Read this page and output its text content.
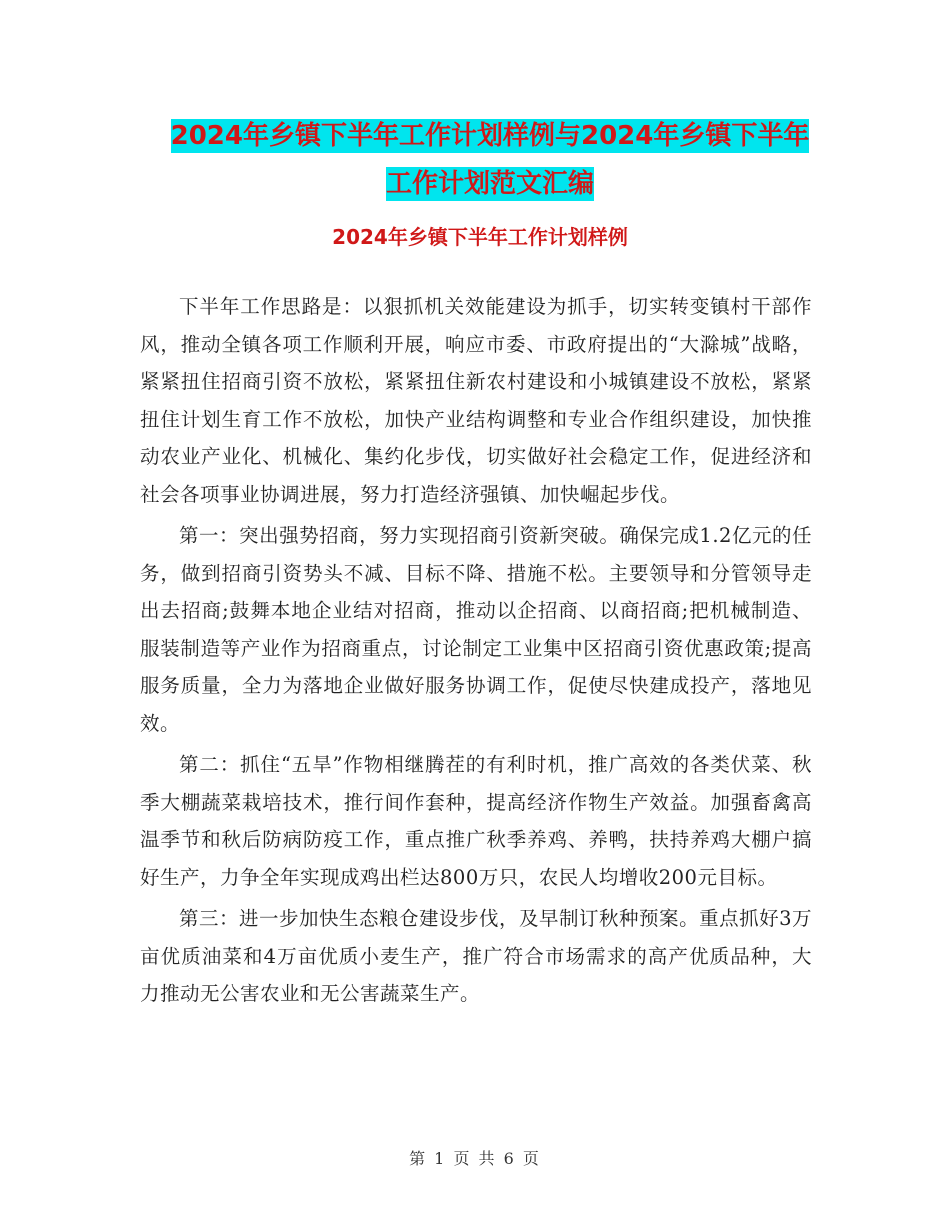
2024年乡镇下半年工作计划样例与2024年乡镇下半年
工作计划范文汇编
2024年乡镇下半年工作计划样例

下半年工作思路是：以狠抓机关效能建设为抓手，切实转变镇村干部作风，推动全镇各项工作顺利开展，响应市委、市政府提出的“大滁城”战略，紧紧扭住招商引资不放松，紧紧扭住新农村建设和小城镇建设不放松，紧紧扭住计划生育工作不放松，加快产业结构调整和专业合作组织建设，加快推动农业产业化、机械化、集约化步伐，切实做好社会稳定工作，促进经济和社会各项事业协调进展，努力打造经济强镇、加快崛起步伐。

第一：突出强势招商，努力实现招商引资新突破。确保完成1.2亿元的任务，做到招商引资势头不减、目标不降、措施不松。主要领导和分管领导走出去招商;鼓舞本地企业结对招商，推动以企招商、以商招商;把机械制造、服装制造等产业作为招商重点，讨论制定工业集中区招商引资优惠政策;提高服务质量，全力为落地企业做好服务协调工作，促使尽快建成投产，落地见效。

第二：抓住“五旱”作物相继腾茬的有利时机，推广高效的各类伏菜、秋季大棚蔬菜栽培技术，推行间作套种，提高经济作物生产效益。加强畜禽高温季节和秋后防病防疫工作，重点推广秋季养鸡、养鸭，扶持养鸡大棚户搞好生产，力争全年实现成鸡出栏达800万只，农民人均增收200元目标。

第三：进一步加快生态粮仓建设步伐，及早制订秋种预案。重点抓好3万亩优质油菜和4万亩优质小麦生产，推广符合市场需求的高产优质品种，大力推动无公害农业和无公害蔬菜生产。

第 1 页 共 6 页
